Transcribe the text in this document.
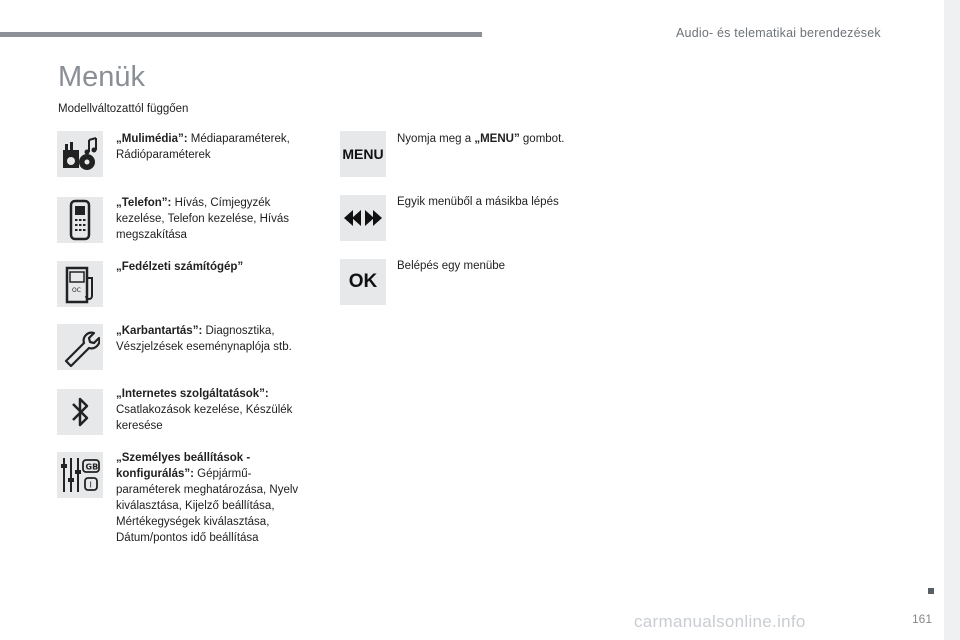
Audio- és telematikai berendezések
Menük
Modellváltozattól függően
„Mulimédia”: Médiaparaméterek, Rádióparaméterek
„Telefon”: Hívás, Címjegyzék kezelése, Telefon kezelése, Hívás megszakítása
OC
„Fedélzeti számítógép”
„Karbantartás”: Diagnosztika, Vészjelzések eseménynaplója stb.
„Internetes szolgáltatások”: Csatlakozások kezelése, Készülék keresése
GB
I
„Személyes beállítások - konfigurálás”: Gépjármű-paraméterek meghatározása, Nyelv kiválasztása, Kijelző beállítása, Mértékegységek kiválasztása, Dátum/pontos idő beállítása
MENU
Nyomja meg a „MENU” gombot.
Egyik menüből a másikba lépés
OK
Belépés egy menübe
161
carmanualsonline.info
